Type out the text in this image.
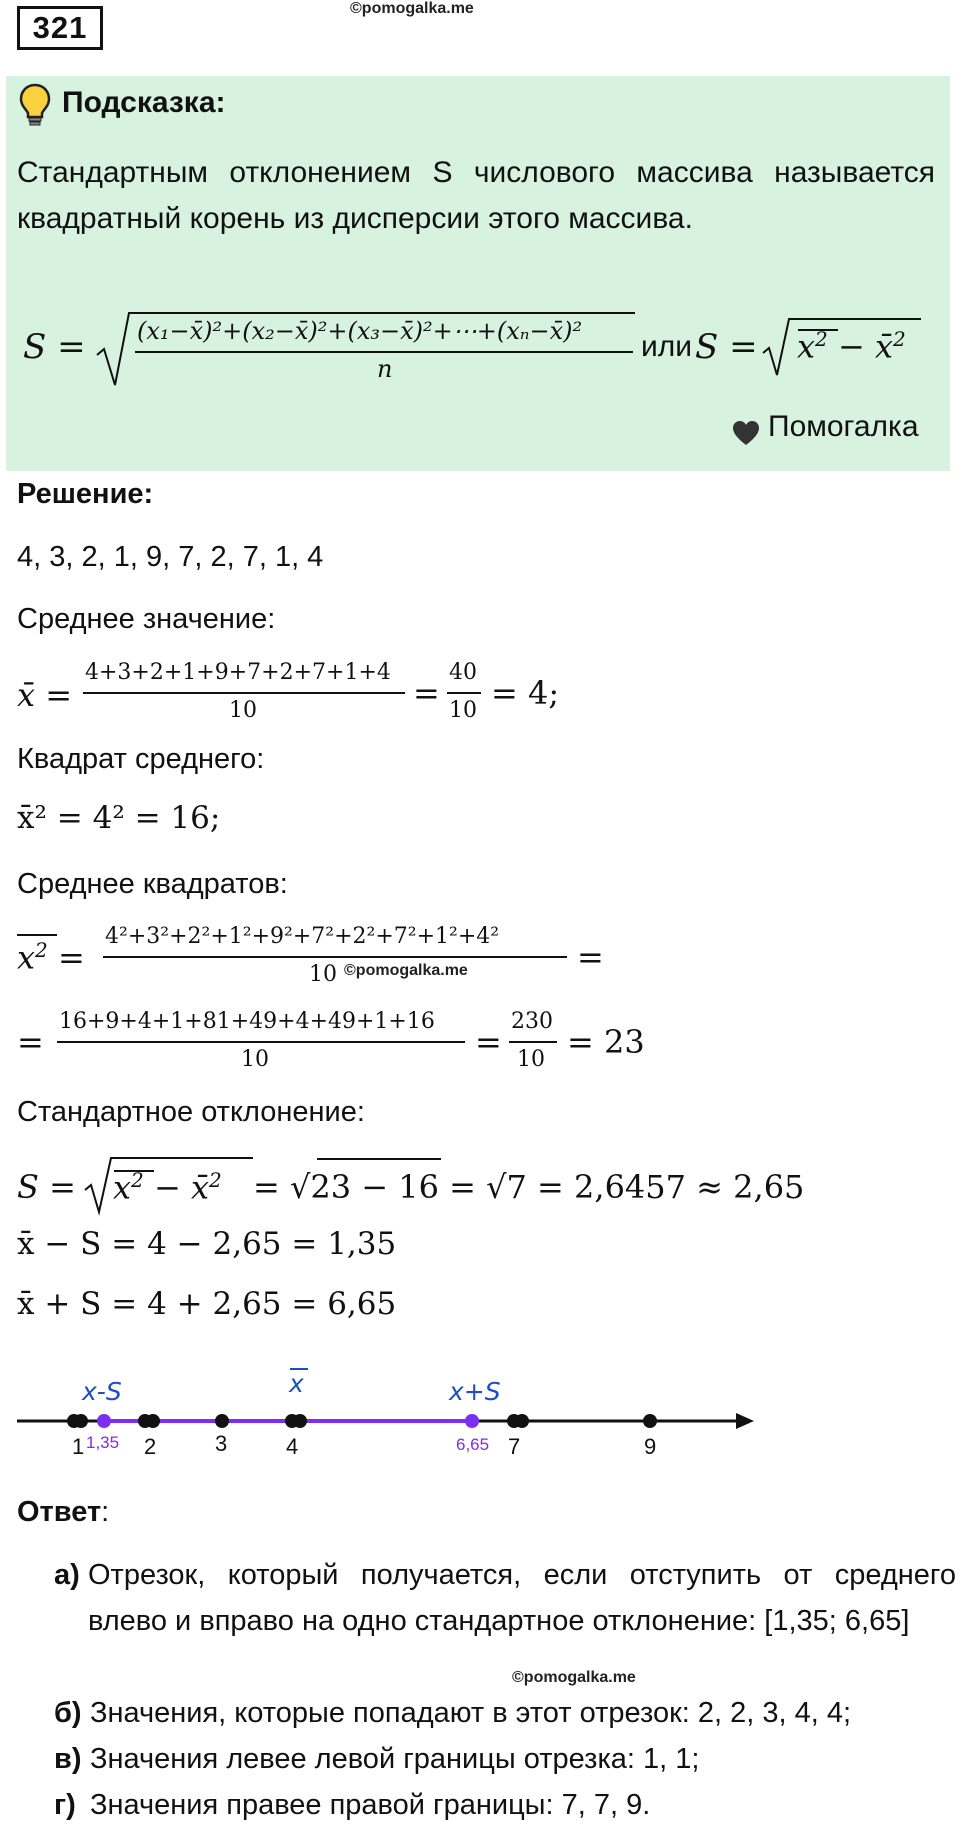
321
©pomogalka.me
Подсказка:
Стандартным отклонением S числового массива называется квадратный корень из дисперсии этого массива.
S = (x₁−x̄)²+(x₂−x̄)²+(x₃−x̄)²+⋯+(xₙ−x̄)²
n
или $S = x^2$ − x̄$^2$
Помогалка
Решение:
4, 3, 2, 1, 9, 7, 2, 7, 1, 4
Среднее значение:
x̄ =
4+3+2+1+9+7+2+7+1+4
10	=
40
10 = 4;
Квадрат среднего:
x̄² = 4² = 16;
Среднее квадратов:
$x^2$ =
4²+3²+2²+1²+9²+7²+2²+7²+1²+4²
10 ©pomogalka.me	=
=
16+9+4+1+81+49+4+49+1+16
10	=
230
10 = 23
Стандартное отклонение:
$S = x^2$ − x̄$^2$ = √23 − 16 = √7 = 2,6457 ≈ 2,65
x̄ − S = 4 − 2,65 = 1,35
x̄ + S = 4 + 2,65 = 6,65
x-S	x	x+S
1	2	3	4	7	9
1,35	6,65
Ответ:
а) Отрезок, который получается, если отступить от среднего влево и вправо на одно стандартное отклонение: [1,35; 6,65]
©pomogalka.me
б) Значения, которые попадают в этот отрезок: 2, 2, 3, 4, 4;
в) Значения левее левой границы отрезка: 1, 1;
г) Значения правее правой границы: 7, 7, 9.
